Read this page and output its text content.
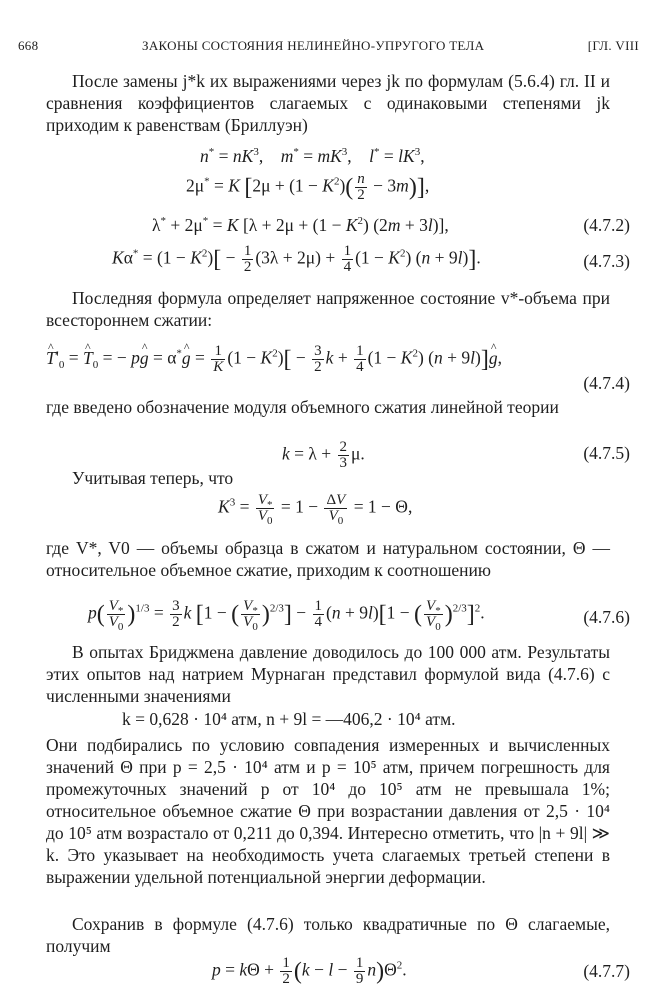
668	ЗАКОНЫ СОСТОЯНИЯ НЕЛИНЕЙНО-УПРУГОГО ТЕЛА	[ГЛ. VIII
После замены j*k их выражениями через jk по формулам (5.6.4) гл. II и сравнения коэффициентов слагаемых с одинаковыми степенями jk приходим к равенствам (Бриллуэн)
$n^* = nK^3$,    $m^* = mK^3$,    $l^* = lK^3$,
2μ* = K $[2\mu + (1 - K^2)( \frac{n}{2} - 3m)]$,
λ* + 2μ* = K [$\lambda + 2\mu + (1 - K^2)$ (2m + 3l)],	(4.7.2)
$K\alpha^* = (1 - K^2)[ - \frac{1}{2} (3\lambda + 2\mu) + \frac{1}{4} (1 - K^2)$ (n + 9l)].	(4.7.3)
Последняя формула определяет напряженное состояние v*-объема при всестороннем сжатии:
T $\^{}'_0 = T$ $\^{}_0$ = − pg ^ = α*g ^ = $\frac{1}{K} (1 - K^2)[ - \frac{3}{2}$ $k + \frac{1}{4} (1 - K^2) (n + 9l)]g$ ^,
(4.7.4)
где введено обозначение модуля объемного сжатия линейной теории
$k = \lambda + \frac{2}{3} \mu$.	(4.7.5)
Учитывая теперь, что
$K^3 = \frac{V_*}{V_0} = 1 - \frac{\Delta V}{V_0} = 1 - \Theta$,
где V*, V0 — объемы образца в сжатом и натуральном состоянии, Θ — относительное объемное сжатие, приходим к соотношению
$p( \frac{V_*}{V_0} )^{1/3} = \frac{3}{2}$ k [1 − ( $\frac{V_*}{V_0} )^{2/3}] - \frac{1}{4} (n + 9l)[1$ − ( $\frac{V_*}{V_0} )^{2/3}]^2$.	(4.7.6)
В опытах Бриджмена давление доводилось до 100 000 атм. Результаты этих опытов над натрием Мурнаган представил формулой вида (4.7.6) с численными значениями
k = 0,628 · 10⁴ атм, n + 9l = —406,2 · 10⁴ атм.
Они подбирались по условию совпадения измеренных и вычисленных значений Θ при p = 2,5 · 10⁴ атм и p = 10⁵ атм, причем погрешность для промежуточных значений p от 10⁴ до 10⁵ атм не превышала 1%; относительное объемное сжатие Θ при возрастании давления от 2,5 · 10⁴ до 10⁵ атм возрастало от 0,211 до 0,394. Интересно отметить, что |n + 9l| ≫ k. Это указывает на необходимость учета слагаемых третьей степени в выражении удельной потенциальной энергии деформации.
Сохранив в формуле (4.7.6) только квадратичные по Θ слагаемые, получим
$p = k\Theta + \frac{1}{2} (k - l - \frac{1}{9} n)\Theta^2$.	(4.7.7)
